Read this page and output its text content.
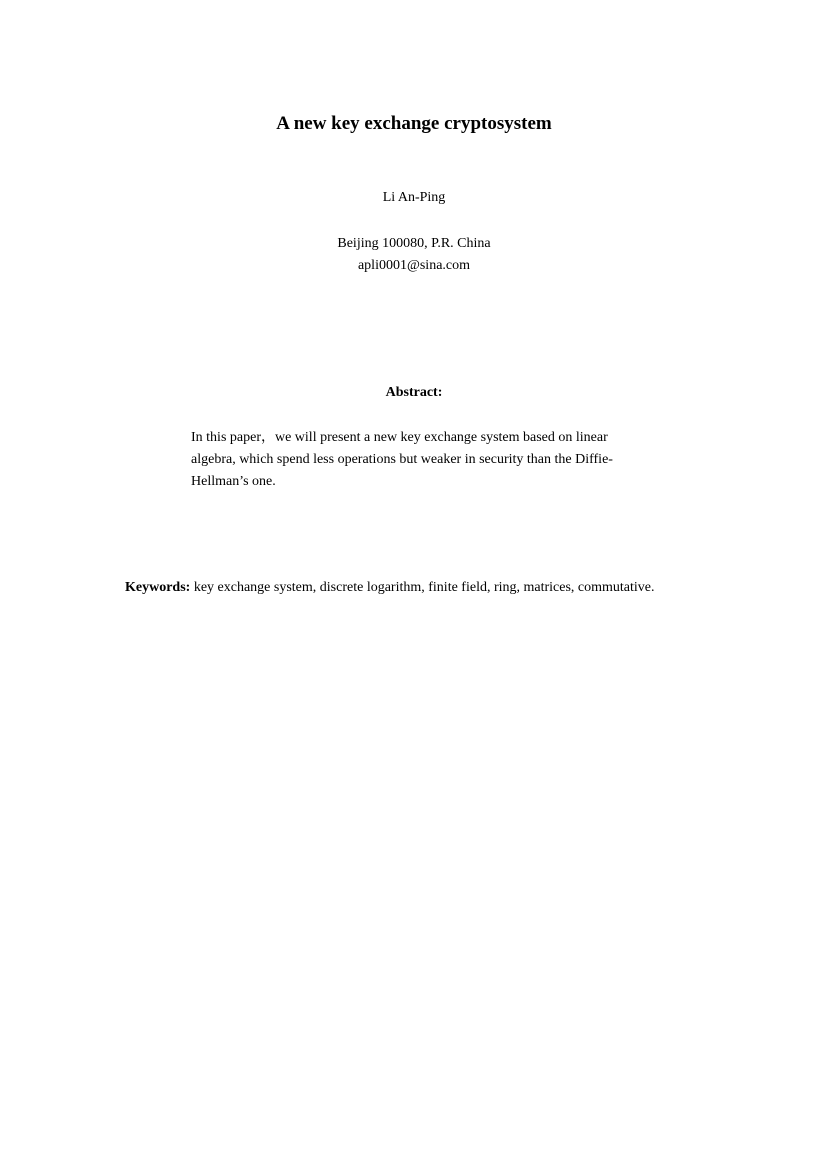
A new key exchange cryptosystem
Li An-Ping
Beijing 100080, P.R. China
apli0001@sina.com
Abstract:
In this paper，we will present a new key exchange system based on linear
algebra, which spend less operations but weaker in security than the Diffie-
Hellman’s one.
Keywords: key exchange system, discrete logarithm, finite field, ring, matrices, commutative.
